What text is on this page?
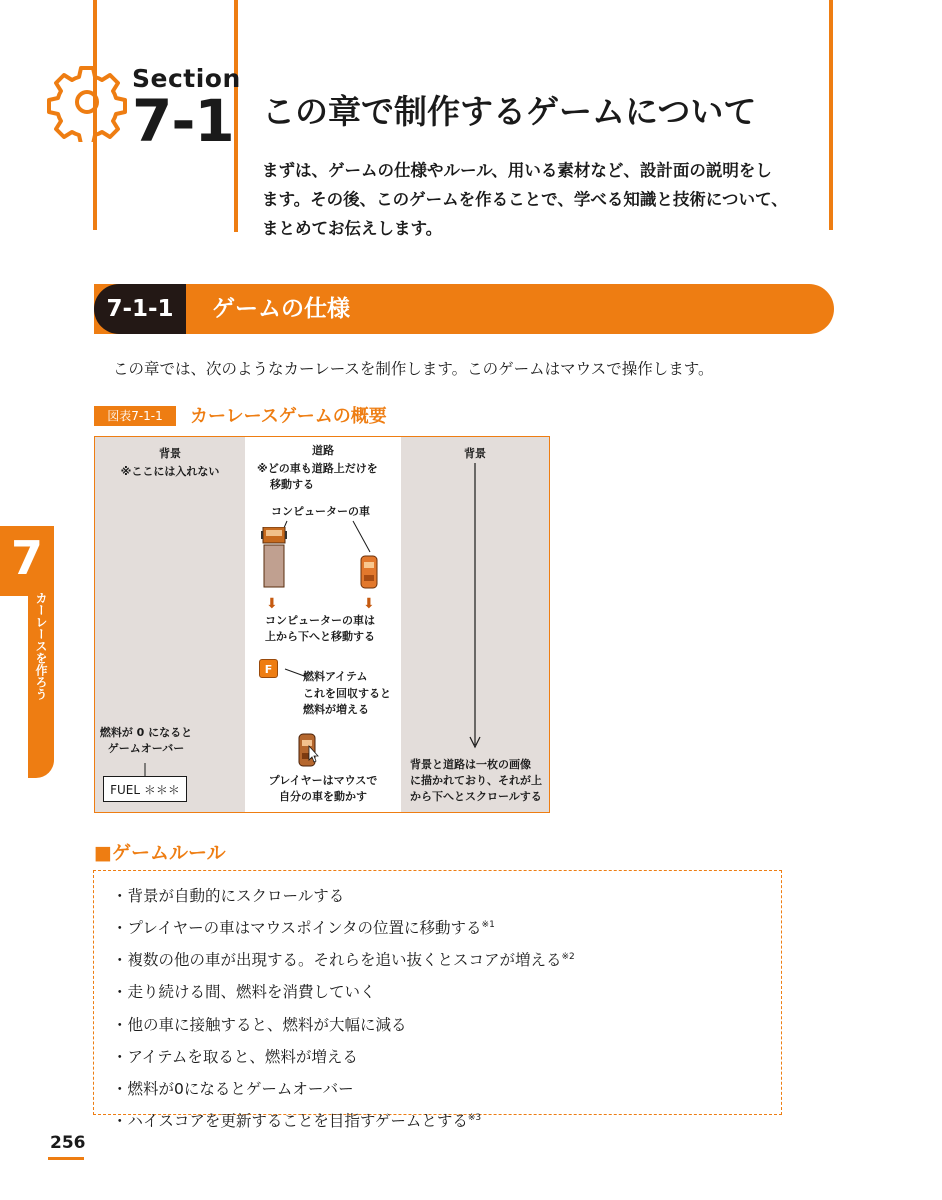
Section
7-1 この章で制作するゲームについて
まずは、ゲームの仕様やルール、用いる素材など、設計面の説明をし
ます。その後、このゲームを作ることで、学べる知識と技術について、
まとめてお伝えします。
7-1-1	ゲームの仕様
この章では、次のようなカーレースを制作します。このゲームはマウスで操作します。
図表7-1-1	カーレースゲームの概要
背景
※ここには入れない
道路
※どの車も道路上だけを
移動する
コンピューターの車
⬇	⬇
コンピューターの車は
上から下へと移動する
F
燃料アイテム
これを回収すると
燃料が増える
プレイヤーはマウスで
自分の車を動かす
燃料が 0 になると
ゲームオーバー
FUEL ＊＊＊
背景
背景と道路は一枚の画像
に描かれており、それが上
から下へとスクロールする
■ゲームルール
・背景が自動的にスクロールする
・プレイヤーの車はマウスポインタの位置に移動する$^{※1}$
・複数の他の車が出現する。それらを追い抜くとスコアが増える$^{※2}$
・走り続ける間、燃料を消費していく
・他の車に接触すると、燃料が大幅に減る
・アイテムを取ると、燃料が増える
・燃料が0になるとゲームオーバー
・ハイスコアを更新することを目指すゲームとする$^{※3}$
7
カーレースを作ろう
256
